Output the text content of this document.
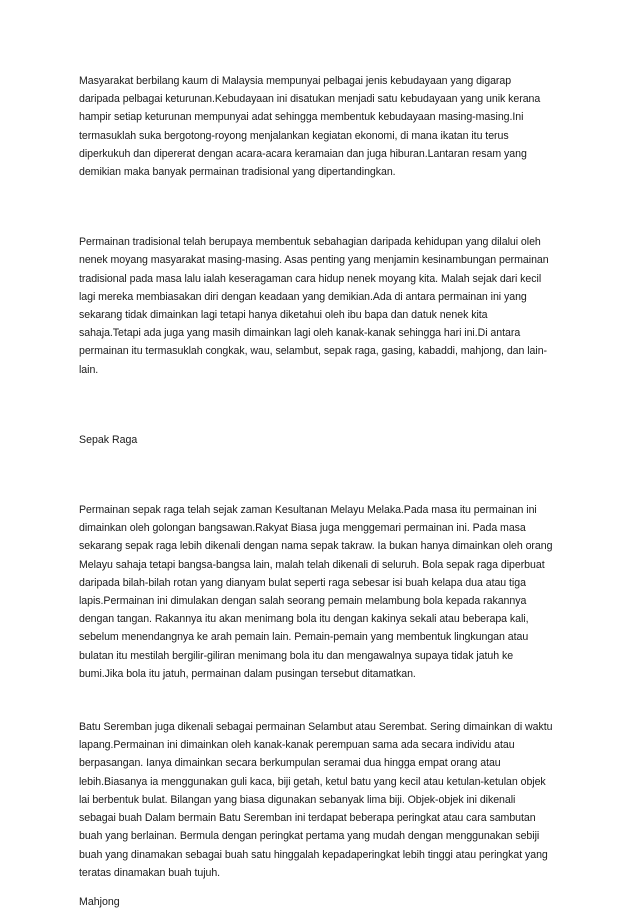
Masyarakat berbilang kaum di Malaysia mempunyai pelbagai jenis kebudayaan yang digarap
daripada pelbagai keturunan.Kebudayaan ini disatukan menjadi satu kebudayaan yang unik kerana
hampir setiap keturunan mempunyai adat sehingga membentuk kebudayaan masing-masing.Ini
termasuklah suka bergotong-royong menjalankan kegiatan ekonomi, di mana ikatan itu terus
diperkukuh dan dipererat dengan acara-acara keramaian dan juga hiburan.Lantaran resam yang
demikian maka banyak permainan tradisional yang dipertandingkan.

Permainan tradisional telah berupaya membentuk sebahagian daripada kehidupan yang dilalui oleh
nenek moyang masyarakat masing-masing. Asas penting yang menjamin kesinambungan permainan
tradisional pada masa lalu ialah keseragaman cara hidup nenek moyang kita. Malah sejak dari kecil
lagi mereka membiasakan diri dengan keadaan yang demikian.Ada di antara permainan ini yang
sekarang tidak dimainkan lagi tetapi hanya diketahui oleh ibu bapa dan datuk nenek kita
sahaja.Tetapi ada juga yang masih dimainkan lagi oleh kanak-kanak sehingga hari ini.Di antara
permainan itu termasuklah congkak, wau, selambut, sepak raga, gasing, kabaddi, mahjong, dan lain-
lain.

Sepak Raga

Permainan sepak raga telah sejak zaman Kesultanan Melayu Melaka.Pada masa itu permainan ini
dimainkan oleh golongan bangsawan.Rakyat Biasa juga menggemari permainan ini. Pada masa
sekarang sepak raga lebih dikenali dengan nama sepak takraw. Ia bukan hanya dimainkan oleh orang
Melayu sahaja tetapi bangsa-bangsa lain, malah telah dikenali di seluruh. Bola sepak raga diperbuat
daripada bilah-bilah rotan yang dianyam bulat seperti raga sebesar isi buah kelapa dua atau tiga
lapis.Permainan ini dimulakan dengan salah seorang pemain melambung bola kepada rakannya
dengan tangan. Rakannya itu akan menimang bola itu dengan kakinya sekali atau beberapa kali,
sebelum menendangnya ke arah pemain lain. Pemain-pemain yang membentuk lingkungan atau
bulatan itu mestilah bergilir-giliran menimang bola itu dan mengawalnya supaya tidak jatuh ke
bumi.Jika bola itu jatuh, permainan dalam pusingan tersebut ditamatkan.

Batu Seremban juga dikenali sebagai permainan Selambut atau Serembat. Sering dimainkan di waktu
lapang.Permainan ini dimainkan oleh kanak-kanak perempuan sama ada secara individu atau
berpasangan. Ianya dimainkan secara berkumpulan seramai dua hingga empat orang atau
lebih.Biasanya ia menggunakan guli kaca, biji getah, ketul batu yang kecil atau ketulan-ketulan objek
lai berbentuk bulat. Bilangan yang biasa digunakan sebanyak lima biji. Objek-objek ini dikenali
sebagai buah Dalam bermain Batu Seremban ini terdapat beberapa peringkat atau cara sambutan
buah yang berlainan. Bermula dengan peringkat pertama yang mudah dengan menggunakan sebiji
buah yang dinamakan sebagai buah satu hinggalah kepadaperingkat lebih tinggi atau peringkat yang
teratas dinamakan buah tujuh.

Mahjong
